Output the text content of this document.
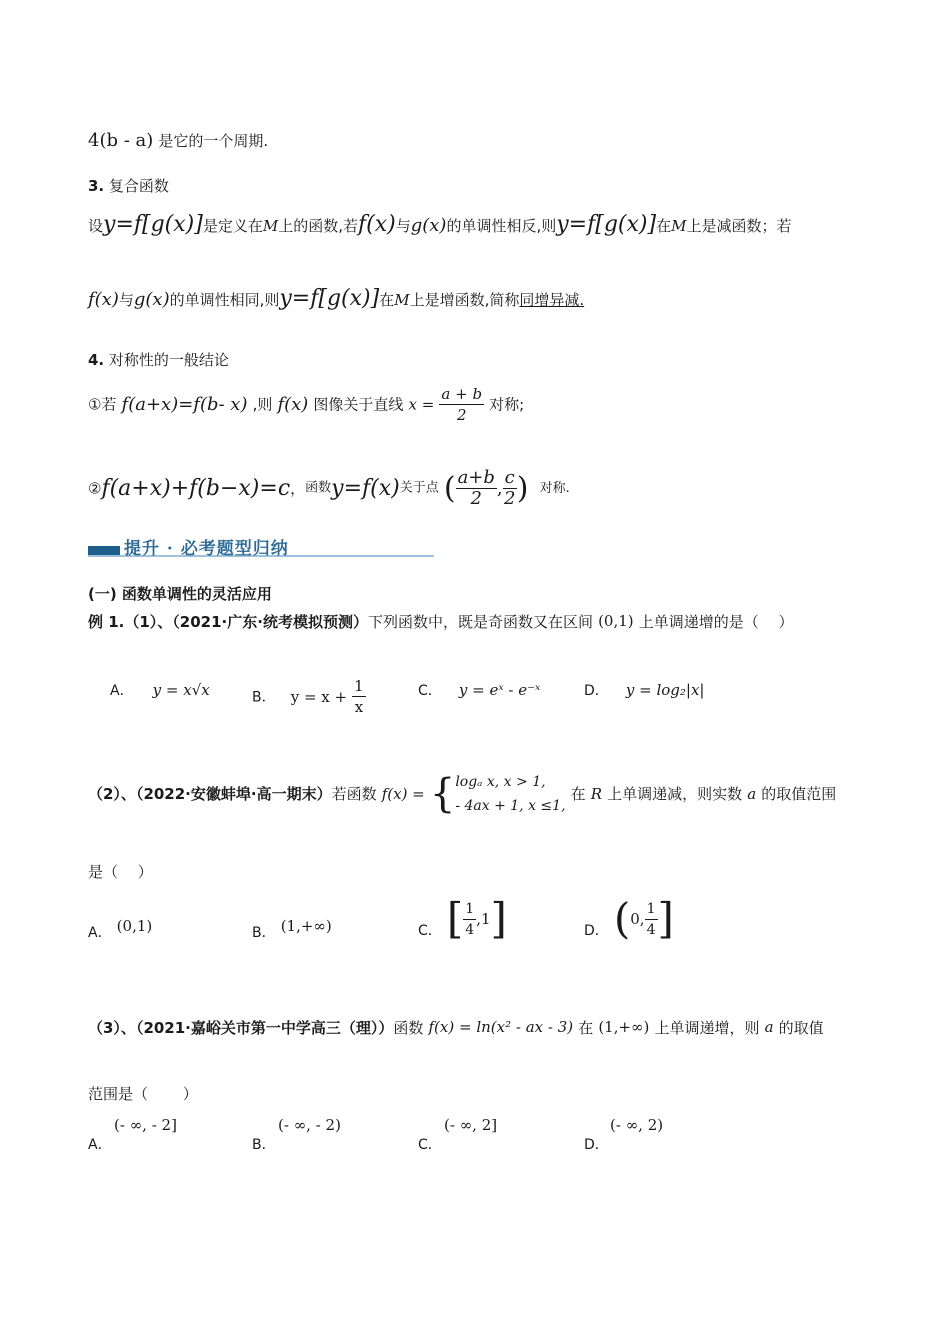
4(b - a) 是它的一个周期.
3. 复合函数
设y=f[g(x)]是定义在M上的函数,若f(x)与g(x)的单调性相反,则y=f[g(x)]在M上是减函数；若
f(x)与g(x)的单调性相同,则y=f[g(x)]在M上是增函数,简称同增异减.
4. 对称性的一般结论
①若 f(a+x)=f(b- x) ,则 f(x) 图像关于直线 $x = \frac{a + b}{2}$ 对称;
②f(a+x)+f(b−x)=c，函数y=f(x)关于点 ( $\frac{a+b}{2}$ , $\frac{c}{2}$ ) 对称.
提升 · 必考题型归纳
(一) 函数单调性的灵活应用
例 1.（1）、（2021·广东·统考模拟预测）下列函数中，既是奇函数又在区间 (0,1) 上单调递增的是（　 ）
A． y = x√x	B． $y = x + \frac{1}{x}$	C． y = eˣ - e⁻ˣ	D． y = log₂|x|
（2）、（2022·安徽蚌埠·高一期末）若函数 f(x) = { logₐ x, x > 1,
- 4ax + 1, x ≤1,
在 R 上单调递减，则实数 a 的取值范围
是（　 ）
A． (0,1)	B． (1,+∞)	C． [ $\frac{1}{4} ,1$]	D． (0, $\frac{1}{4}$ ]
（3）、（2021·嘉峪关市第一中学高三（理））函数 f(x) = ln(x² - ax - 3) 在 (1,+∞) 上单调递增，则 a 的取值
范围是（　　 ）
(- ∞, - 2]
A．
(- ∞, - 2)
B．
(- ∞, 2]
C．
(- ∞, 2)
D．
